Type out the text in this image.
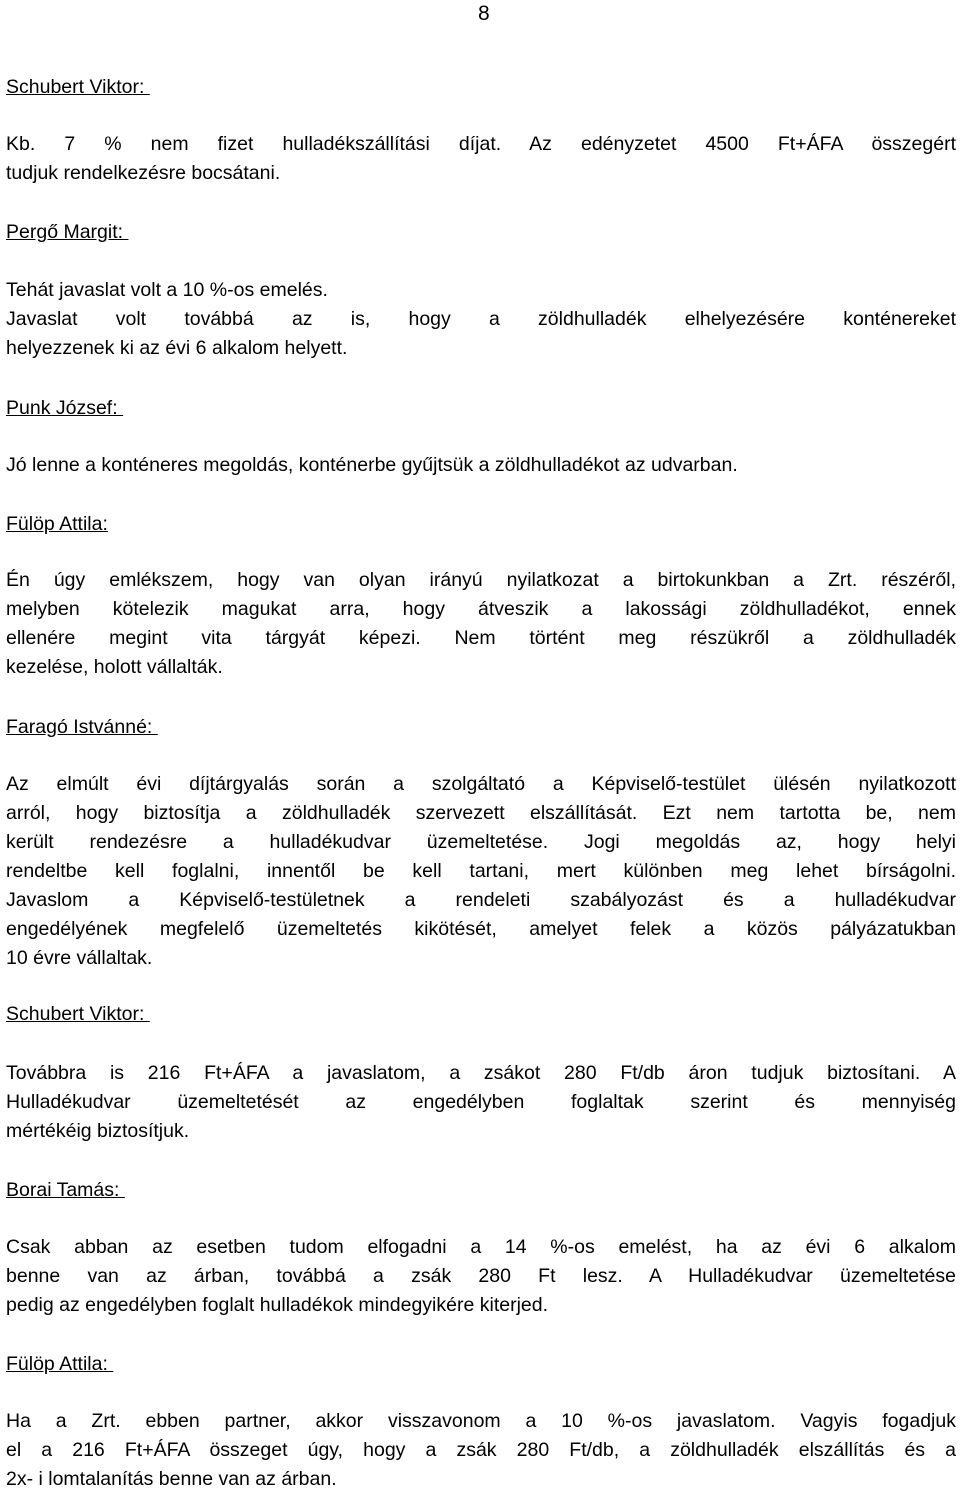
8
Schubert Viktor:
Kb. 7 % nem fizet hulladékszállítási díjat. Az edényzetet 4500 Ft+ÁFA összegért
tudjuk rendelkezésre bocsátani.
Pergő Margit:
Tehát javaslat volt a 10 %-os emelés.
Javaslat volt továbbá az is, hogy a zöldhulladék elhelyezésére konténereket
helyezzenek ki az évi 6 alkalom helyett.
Punk József:
Jó lenne a konténeres megoldás, konténerbe gyűjtsük a zöldhulladékot az udvarban.
Fülöp Attila:
Én úgy emlékszem, hogy van olyan irányú nyilatkozat a birtokunkban a Zrt. részéről,
melyben kötelezik magukat arra, hogy átveszik a lakossági zöldhulladékot, ennek
ellenére megint vita tárgyát képezi. Nem történt meg részükről a zöldhulladék
kezelése, holott vállalták.
Faragó Istvánné:
Az elmúlt évi díjtárgyalás során a szolgáltató a Képviselő-testület ülésén nyilatkozott
arról, hogy biztosítja a zöldhulladék szervezett elszállítását. Ezt nem tartotta be, nem
került rendezésre a hulladékudvar üzemeltetése. Jogi megoldás az, hogy helyi
rendeltbe kell foglalni, innentől be kell tartani, mert különben meg lehet bírságolni.
Javaslom a Képviselő-testületnek a rendeleti szabályozást és a hulladékudvar
engedélyének megfelelő üzemeltetés kikötését, amelyet felek a közös pályázatukban
10 évre vállaltak.
Schubert Viktor:
Továbbra is 216 Ft+ÁFA a javaslatom, a zsákot 280 Ft/db áron tudjuk biztosítani. A
Hulladékudvar üzemeltetését az engedélyben foglaltak szerint és mennyiség
mértékéig biztosítjuk.
Borai Tamás:
Csak abban az esetben tudom elfogadni a 14 %-os emelést, ha az évi 6 alkalom
benne van az árban, továbbá a zsák 280 Ft lesz. A Hulladékudvar üzemeltetése
pedig az engedélyben foglalt hulladékok mindegyikére kiterjed.
Fülöp Attila:
Ha a Zrt. ebben partner, akkor visszavonom a 10 %-os javaslatom. Vagyis fogadjuk
el a 216 Ft+ÁFA összeget úgy, hogy a zsák 280 Ft/db, a zöldhulladék elszállítás és a
2x- i lomtalanítás benne van az árban.
